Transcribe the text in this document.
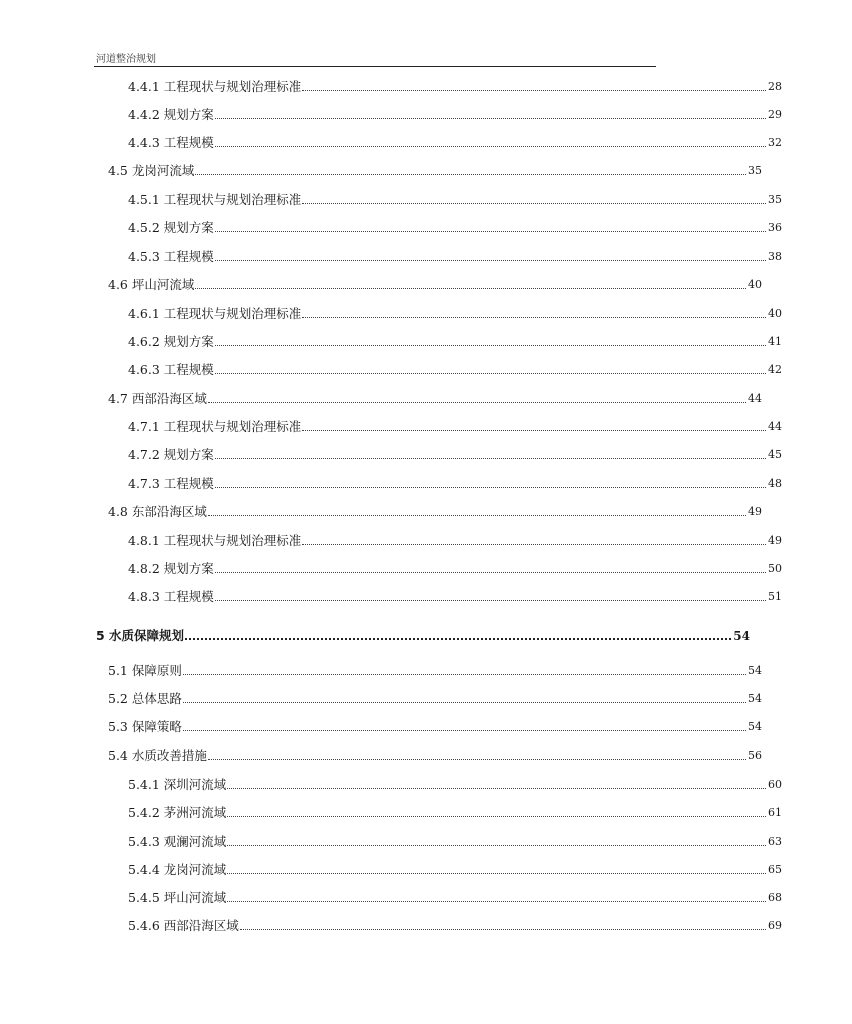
河道整治规划
4.4.1 工程现状与规划治理标准	28
4.4.2 规划方案	29
4.4.3 工程规模	32
4.5 龙岗河流域	35
4.5.1 工程现状与规划治理标准	35
4.5.2 规划方案	36
4.5.3 工程规模	38
4.6 坪山河流域	40
4.6.1 工程现状与规划治理标准	40
4.6.2 规划方案	41
4.6.3 工程规模	42
4.7 西部沿海区域	44
4.7.1 工程现状与规划治理标准	44
4.7.2 规划方案	45
4.7.3 工程规模	48
4.8 东部沿海区域	49
4.8.1 工程现状与规划治理标准	49
4.8.2 规划方案	50
4.8.3 工程规模	51
5 水质保障规划	54
5.1 保障原则	54
5.2 总体思路	54
5.3 保障策略	54
5.4 水质改善措施	56
5.4.1 深圳河流域	60
5.4.2 茅洲河流域	61
5.4.3 观澜河流域	63
5.4.4 龙岗河流域	65
5.4.5 坪山河流域	68
5.4.6 西部沿海区域	69
